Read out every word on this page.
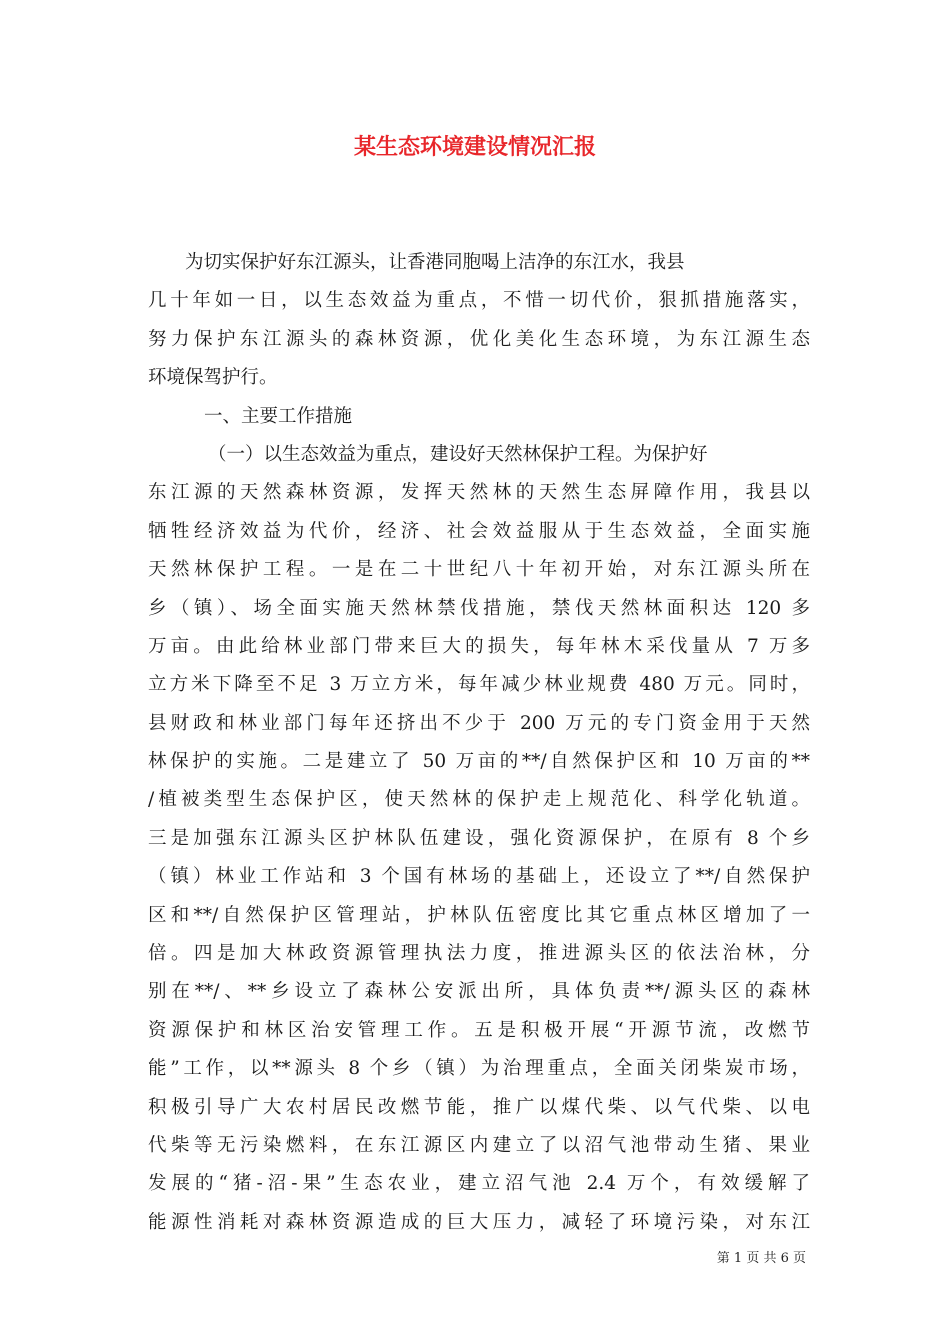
某生态环境建设情况汇报
为切实保护好东江源头，让香港同胞喝上洁净的东江水，我县
几十年如一日，以生态效益为重点，不惜一切代价，狠抓措施落实，
努力保护东江源头的森林资源，优化美化生态环境，为东江源生态
环境保驾护行。
一、主要工作措施
（一）以生态效益为重点，建设好天然林保护工程。为保护好
东江源的天然森林资源，发挥天然林的天然生态屏障作用，我县以
牺牲经济效益为代价，经济、社会效益服从于生态效益，全面实施
天然林保护工程。一是在二十世纪八十年初开始，对东江源头所在
乡（镇）、场全面实施天然林禁伐措施，禁伐天然林面积达 120 多
万亩。由此给林业部门带来巨大的损失，每年林木采伐量从 7 万多
立方米下降至不足 3 万立方米，每年减少林业规费 480 万元。同时，
县财政和林业部门每年还挤出不少于 200 万元的专门资金用于天然
林保护的实施。二是建立了 50 万亩的**/自然保护区和 10 万亩的**
/植被类型生态保护区，使天然林的保护走上规范化、科学化轨道。
三是加强东江源头区护林队伍建设，强化资源保护，在原有 8 个乡
（镇）林业工作站和 3 个国有林场的基础上，还设立了**/自然保护
区和**/自然保护区管理站，护林队伍密度比其它重点林区增加了一
倍。四是加大林政资源管理执法力度，推进源头区的依法治林，分
别在**/、**乡设立了森林公安派出所，具体负责**/源头区的森林
资源保护和林区治安管理工作。五是积极开展“开源节流，改燃节
能”工作，以**源头 8 个乡（镇）为治理重点，全面关闭柴炭市场，
积极引导广大农村居民改燃节能，推广以煤代柴、以气代柴、以电
代柴等无污染燃料，在东江源区内建立了以沼气池带动生猪、果业
发展的“猪-沼-果”生态农业，建立沼气池 2.4 万个，有效缓解了
能源性消耗对森林资源造成的巨大压力，减轻了环境污染，对东江
第 1 页 共 6 页
